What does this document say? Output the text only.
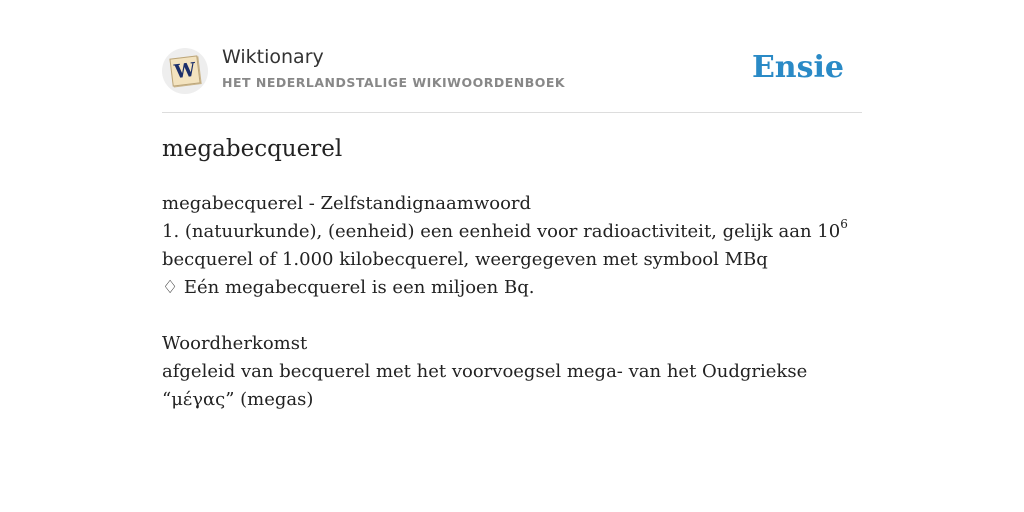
W
Wiktionary
HET NEDERLANDSTALIGE WIKIWOORDENBOEK	Ensie
megabecquerel

megabecquerel - Zelfstandignaamwoord

1. (natuurkunde), (eenheid) een eenheid voor radioactiviteit, gelijk aan $10^6$ becquerel of 1.000 kilobecquerel, weergegeven met symbool MBq

♢ Eén megabecquerel is een miljoen Bq.

Woordherkomst

afgeleid van becquerel met het voorvoegsel mega- van het Oudgriekse “μέγας” (megas)
